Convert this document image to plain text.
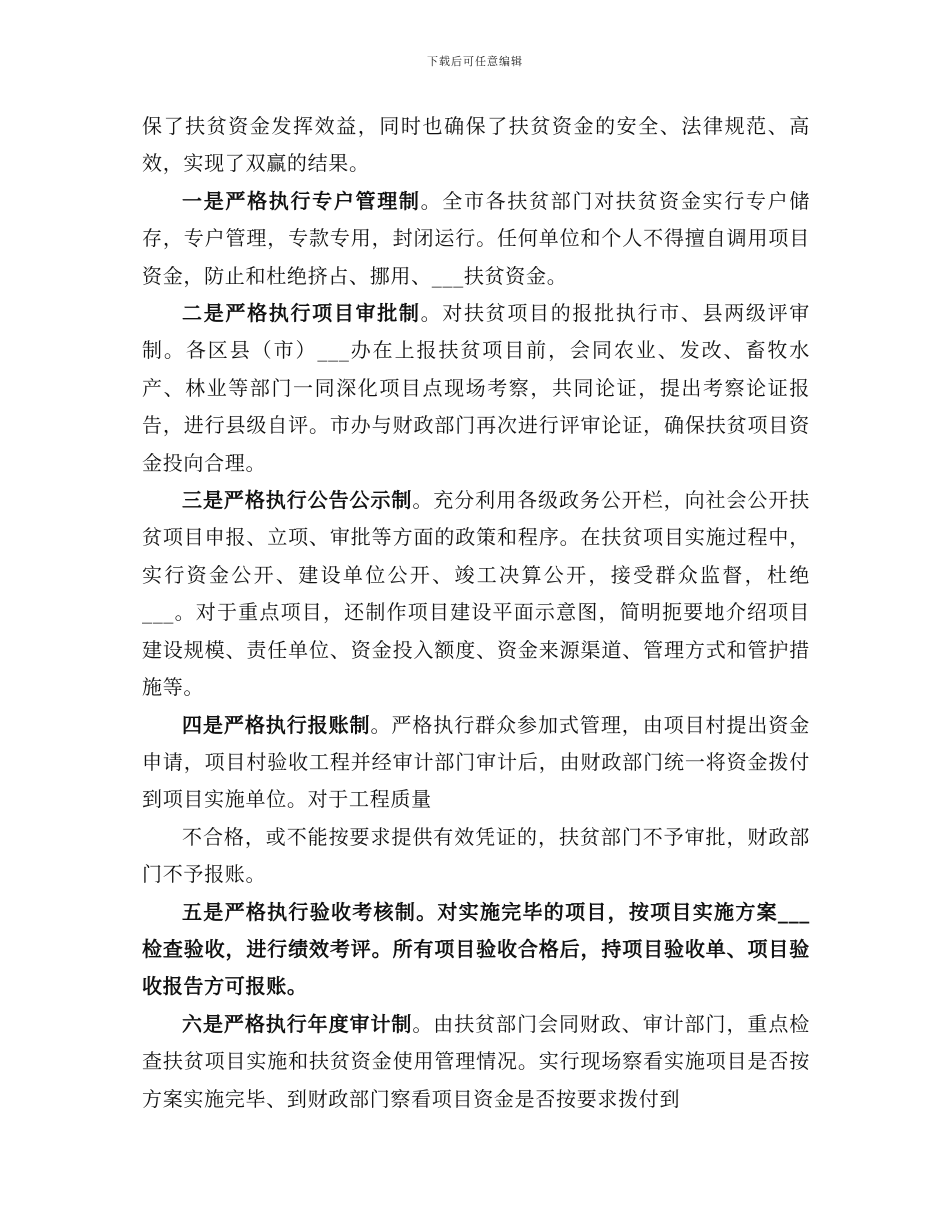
下载后可任意编辑

保了扶贫资金发挥效益，同时也确保了扶贫资金的安全、法律规范、高效，实现了双赢的结果。

一是严格执行专户管理制。全市各扶贫部门对扶贫资金实行专户储存，专户管理，专款专用，封闭运行。任何单位和个人不得擅自调用项目资金，防止和杜绝挤占、挪用、___扶贫资金。

二是严格执行项目审批制。对扶贫项目的报批执行市、县两级评审制。各区县（市）___办在上报扶贫项目前，会同农业、发改、畜牧水产、林业等部门一同深化项目点现场考察，共同论证，提出考察论证报告，进行县级自评。市办与财政部门再次进行评审论证，确保扶贫项目资金投向合理。

三是严格执行公告公示制。充分利用各级政务公开栏，向社会公开扶贫项目申报、立项、审批等方面的政策和程序。在扶贫项目实施过程中，实行资金公开、建设单位公开、竣工决算公开，接受群众监督，杜绝___。对于重点项目，还制作项目建设平面示意图，简明扼要地介绍项目建设规模、责任单位、资金投入额度、资金来源渠道、管理方式和管护措施等。

四是严格执行报账制。严格执行群众参加式管理，由项目村提出资金申请，项目村验收工程并经审计部门审计后，由财政部门统一将资金拨付到项目实施单位。对于工程质量

不合格，或不能按要求提供有效凭证的，扶贫部门不予审批，财政部门不予报账。

五是严格执行验收考核制。对实施完毕的项目，按项目实施方案___检查验收，进行绩效考评。所有项目验收合格后，持项目验收单、项目验收报告方可报账。

六是严格执行年度审计制。由扶贫部门会同财政、审计部门，重点检查扶贫项目实施和扶贫资金使用管理情况。实行现场察看实施项目是否按方案实施完毕、到财政部门察看项目资金是否按要求拨付到
